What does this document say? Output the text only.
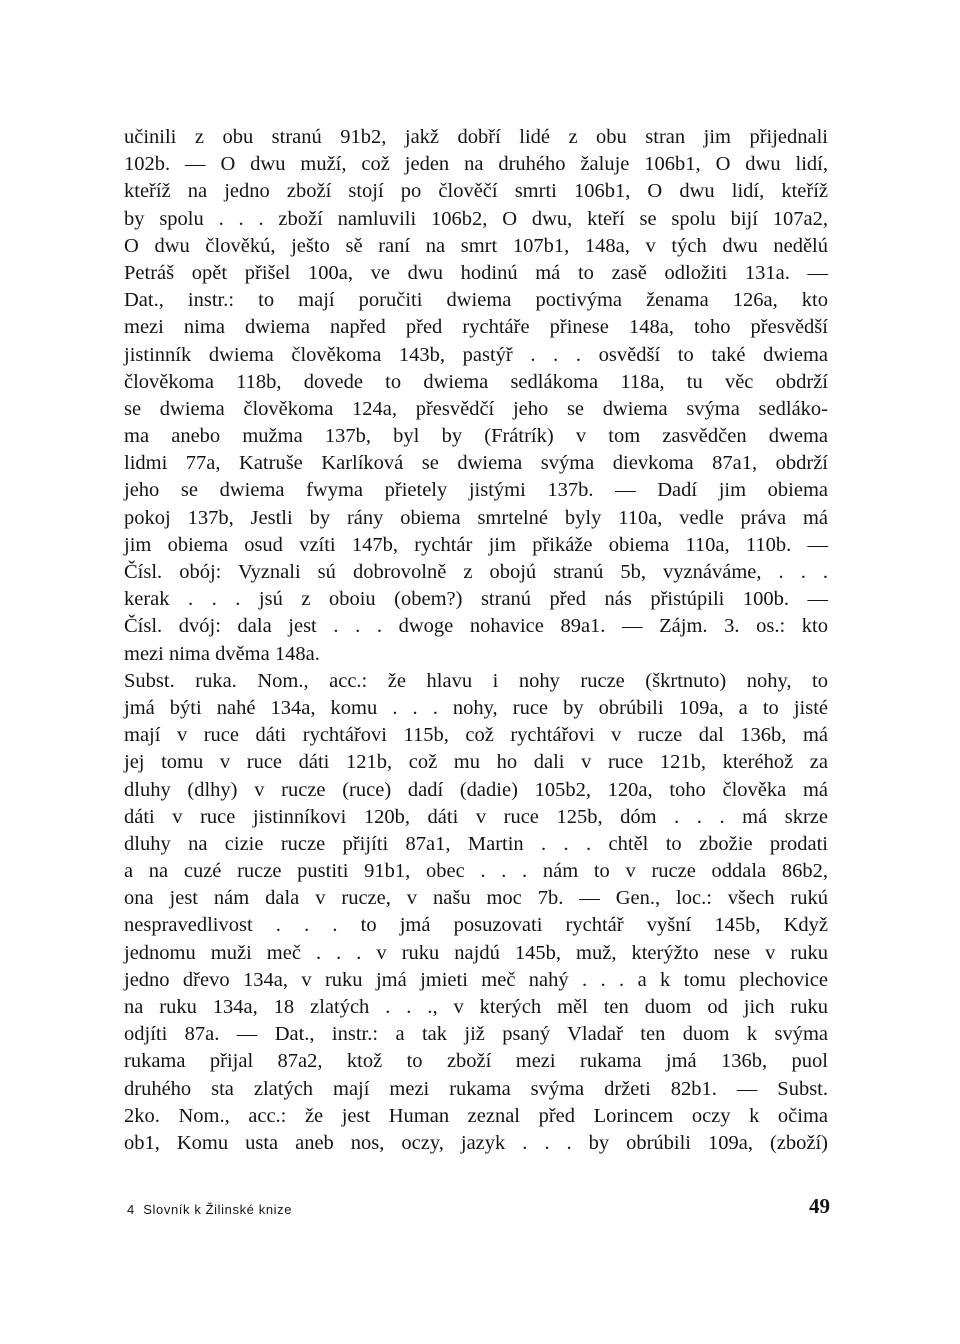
učinili z obu stranú 91b2, jakž dobří lidé z obu stran jim přijednali
102b. — O dwu muží, což jeden na druhého žaluje 106b1, O dwu lidí,
kteříž na jedno zboží stojí po člověčí smrti 106b1, O dwu lidí, kteříž
by spolu . . . zboží namluvili 106b2, O dwu, kteří se spolu bijí 107a2,
O dwu člověkú, ješto sě raní na smrt 107b1, 148a, v tých dwu nedělú
Petráš opět přišel 100a, ve dwu hodinú má to zasě odložiti 131a. —
Dat., instr.: to mají poručiti dwiema poctivýma ženama 126a, kto
mezi nima dwiema napřed před rychtáře přinese 148a, toho přesvědší
jistinník dwiema člověkoma 143b, pastýř . . . osvědší to také dwiema
člověkoma 118b, dovede to dwiema sedlákoma 118a, tu věc obdrží
se dwiema člověkoma 124a, přesvědčí jeho se dwiema svýma sedláko-
ma anebo mužma 137b, byl by (Frátrík) v tom zasvědčen dwema
lidmi 77a, Katruše Karlíková se dwiema svýma dievkoma 87a1, obdrží
jeho se dwiema fwyma přietely jistými 137b. — Dadí jim obiema
pokoj 137b, Jestli by rány obiema smrtelné byly 110a, vedle práva má
jim obiema osud vzíti 147b, rychtár jim přikáže obiema 110a, 110b. —
Čísl. obój: Vyznali sú dobrovolně z obojú stranú 5b, vyznáváme, . . .
kerak . . . jsú z oboiu (obem?) stranú před nás přistúpili 100b. —
Čísl. dvój: dala jest . . . dwoge nohavice 89a1. — Zájm. 3. os.: kto
mezi nima dvěma 148a.
Subst. ruka. Nom., acc.: že hlavu i nohy rucze (škrtnuto) nohy, to
jmá býti nahé 134a, komu . . . nohy, ruce by obrúbili 109a, a to jisté
mají v ruce dáti rychtářovi 115b, což rychtářovi v rucze dal 136b, má
jej tomu v ruce dáti 121b, což mu ho dali v ruce 121b, kteréhož za
dluhy (dlhy) v rucze (ruce) dadí (dadie) 105b2, 120a, toho člověka má
dáti v ruce jistinníkovi 120b, dáti v ruce 125b, dóm . . . má skrze
dluhy na cizie rucze přijíti 87a1, Martin . . . chtěl to zbožie prodati
a na cuzé rucze pustiti 91b1, obec . . . nám to v rucze oddala 86b2,
ona jest nám dala v rucze, v našu moc 7b. — Gen., loc.: všech rukú
nespravedlivost . . . to jmá posuzovati rychtář vyšní 145b, Když
jednomu muži meč . . . v ruku najdú 145b, muž, kterýžto nese v ruku
jedno dřevo 134a, v ruku jmá jmieti meč nahý . . . a k tomu plechovice
na ruku 134a, 18 zlatých . . ., v kterých měl ten duom od jich ruku
odjíti 87a. — Dat., instr.: a tak již psaný Vladař ten duom k svýma
rukama přijal 87a2, ktož to zboží mezi rukama jmá 136b, puol
druhého sta zlatých mají mezi rukama svýma držeti 82b1. — Subst.
2ko. Nom., acc.: že jest Human zeznal před Lorincem oczy k očima
ob1, Komu usta aneb nos, oczy, jazyk . . . by obrúbili 109a, (zboží)
4 Slovník k Žilinské knize	49
